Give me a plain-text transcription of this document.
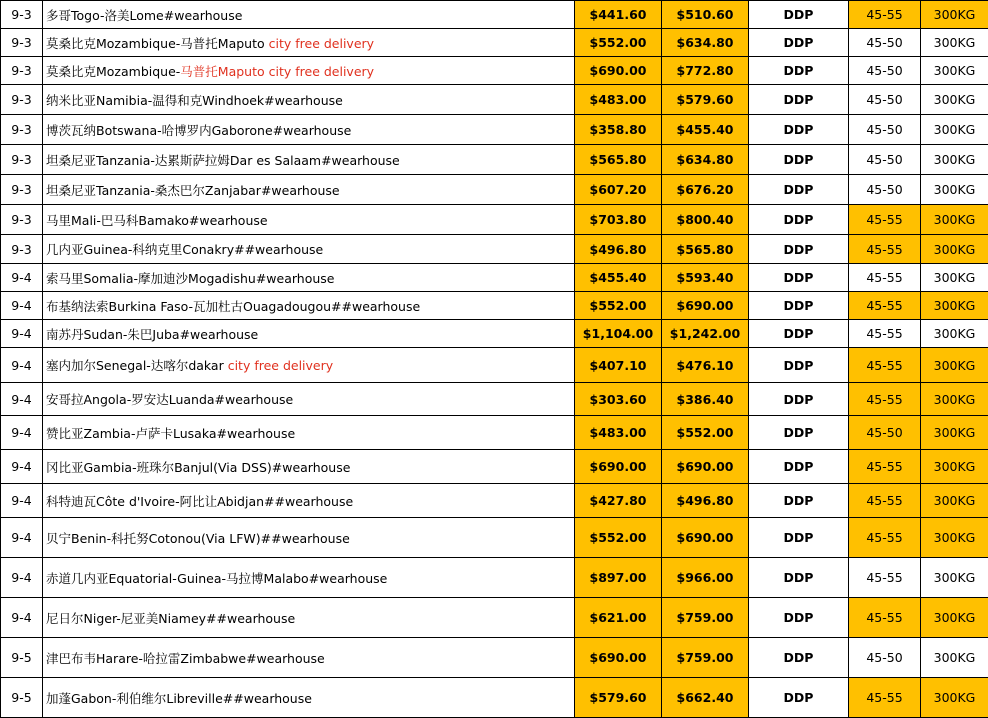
9-3	多哥Togo-洛美Lome#wearhouse	$441.60	$510.60	DDP	45-55	300KG
9-3	莫桑比克Mozambique-马普托Maputo city free delivery	$552.00	$634.80	DDP	45-50	300KG
9-3	莫桑比克Mozambique-马普托Maputo city free delivery	$690.00	$772.80	DDP	45-50	300KG
9-3	纳米比亚Namibia-温得和克Windhoek#wearhouse	$483.00	$579.60	DDP	45-50	300KG
9-3	博茨瓦纳Botswana-哈博罗内Gaborone#wearhouse	$358.80	$455.40	DDP	45-50	300KG
9-3	坦桑尼亚Tanzania-达累斯萨拉姆Dar es Salaam#wearhouse	$565.80	$634.80	DDP	45-50	300KG
9-3	坦桑尼亚Tanzania-桑杰巴尔Zanjabar#wearhouse	$607.20	$676.20	DDP	45-50	300KG
9-3	马里Mali-巴马科Bamako#wearhouse	$703.80	$800.40	DDP	45-55	300KG
9-3	几内亚Guinea-科纳克里Conakry##wearhouse	$496.80	$565.80	DDP	45-55	300KG
9-4	索马里Somalia-摩加迪沙Mogadishu#wearhouse	$455.40	$593.40	DDP	45-55	300KG
9-4	布基纳法索Burkina Faso-瓦加杜古Ouagadougou##wearhouse	$552.00	$690.00	DDP	45-55	300KG
9-4	南苏丹Sudan-朱巴Juba#wearhouse	$1,104.00	$1,242.00	DDP	45-55	300KG
9-4	塞内加尔Senegal-达喀尔dakar city free delivery	$407.10	$476.10	DDP	45-55	300KG
9-4	安哥拉Angola-罗安达Luanda#wearhouse	$303.60	$386.40	DDP	45-55	300KG
9-4	赞比亚Zambia-卢萨卡Lusaka#wearhouse	$483.00	$552.00	DDP	45-50	300KG
9-4	冈比亚Gambia-班珠尔Banjul(Via DSS)#wearhouse	$690.00	$690.00	DDP	45-55	300KG
9-4	科特迪瓦Côte d'Ivoire-阿比让Abidjan##wearhouse	$427.80	$496.80	DDP	45-55	300KG
9-4	贝宁Benin-科托努Cotonou(Via LFW)##wearhouse	$552.00	$690.00	DDP	45-55	300KG
9-4	赤道几内亚Equatorial-Guinea-马拉博Malabo#wearhouse	$897.00	$966.00	DDP	45-55	300KG
9-4	尼日尔Niger-尼亚美Niamey##wearhouse	$621.00	$759.00	DDP	45-55	300KG
9-5	津巴布韦Harare-哈拉雷Zimbabwe#wearhouse	$690.00	$759.00	DDP	45-50	300KG
9-5	加蓬Gabon-利伯维尔Libreville##wearhouse	$579.60	$662.40	DDP	45-55	300KG
